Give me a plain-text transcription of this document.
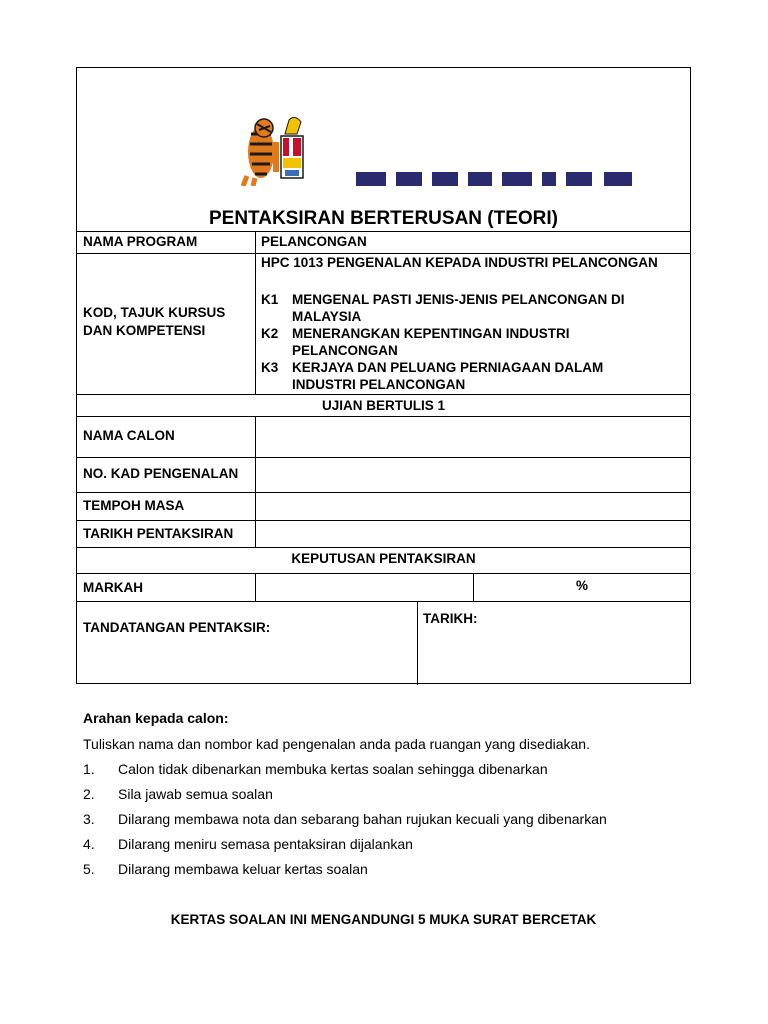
PENTAKSIRAN BERTERUSAN (TEORI)
NAMA PROGRAM	PELANCONGAN
KOD, TAJUK KURSUS
DAN KOMPETENSI
HPC 1013 PENGENALAN KEPADA INDUSTRI PELANCONGAN
K1 MENGENAL PASTI JENIS-JENIS PELANCONGAN DI
MALAYSIA
K2 MENERANGKAN KEPENTINGAN INDUSTRI
PELANCONGAN
K3 KERJAYA DAN PELUANG PERNIAGAAN DALAM
INDUSTRI PELANCONGAN
UJIAN BERTULIS 1
NAMA CALON
NO. KAD PENGENALAN
TEMPOH MASA
TARIKH PENTAKSIRAN
KEPUTUSAN PENTAKSIRAN
MARKAH	%
TANDATANGAN PENTAKSIR:
TARIKH:
Arahan kepada calon:
Tuliskan nama dan nombor kad pengenalan anda pada ruangan yang disediakan.
1. Calon tidak dibenarkan membuka kertas soalan sehingga dibenarkan
2. Sila jawab semua soalan
3. Dilarang membawa nota dan sebarang bahan rujukan kecuali yang dibenarkan
4. Dilarang meniru semasa pentaksiran dijalankan
5. Dilarang membawa keluar kertas soalan
KERTAS SOALAN INI MENGANDUNGI 5 MUKA SURAT BERCETAK
